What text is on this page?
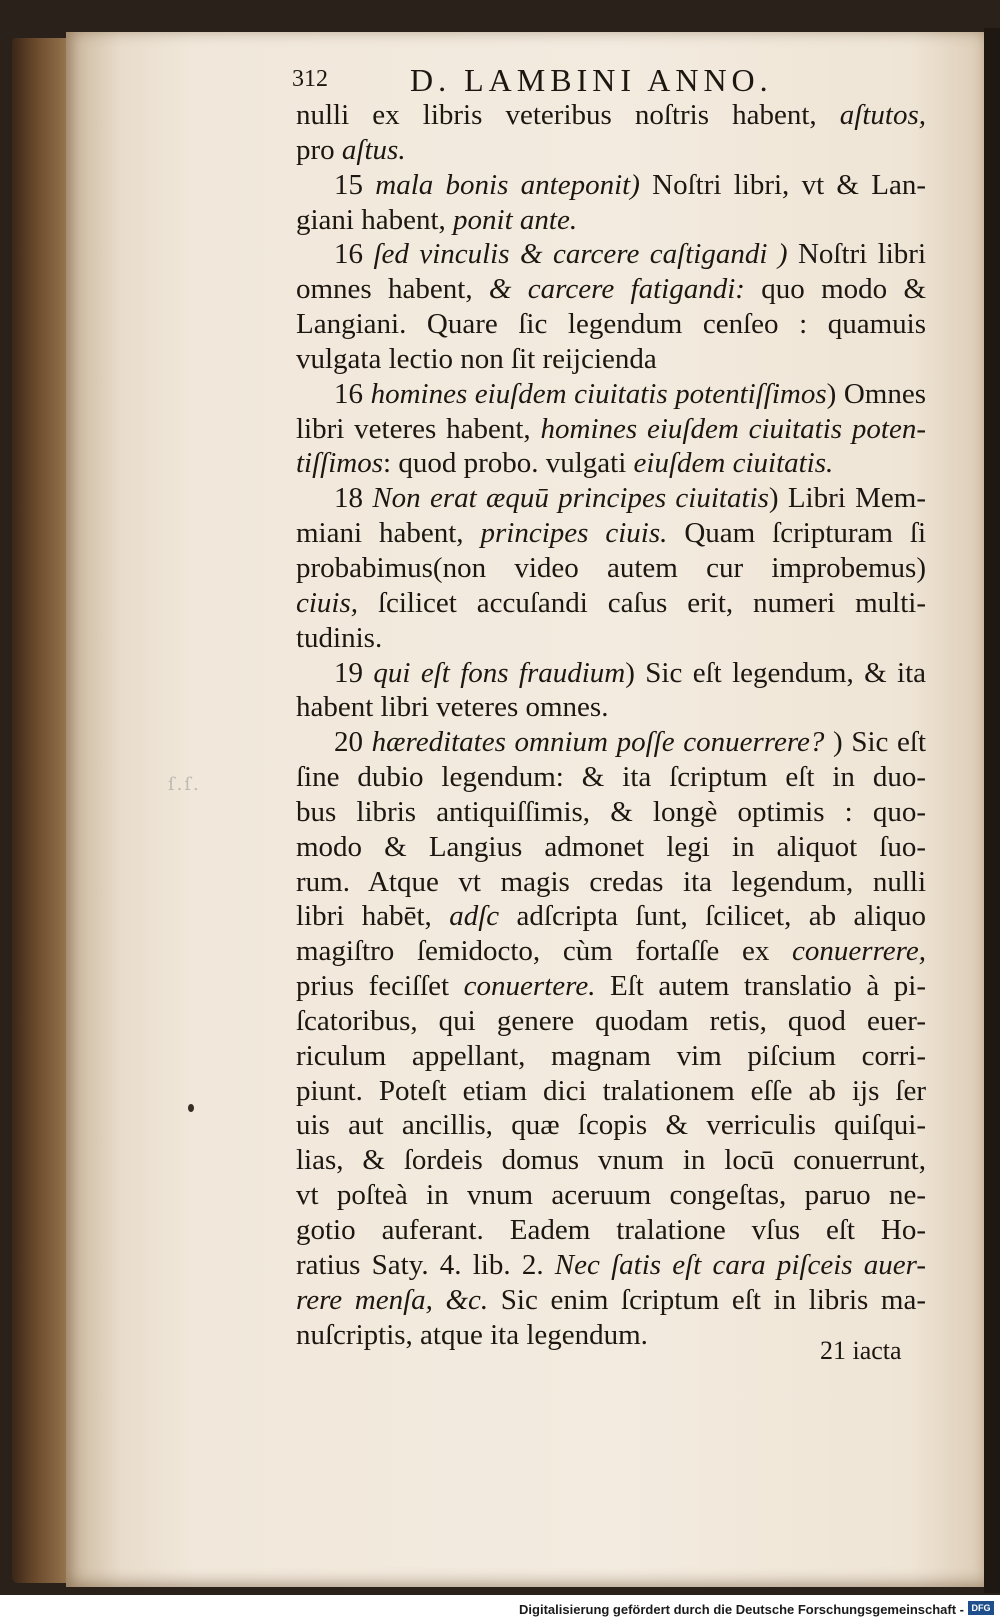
ſ.ſ.
312	D. LAMBINI ANNO.
nulli ex libris veteribus noſtris habent, aſtutos,
pro aſtus.
15 mala bonis anteponit) Noſtri libri, vt & Lan-
giani habent, ponit ante.
16 ſed vinculis & carcere caſtigandi ) Noſtri libri
omnes habent, & carcere fatigandi: quo modo &
Langiani. Quare ſic legendum cenſeo : quamuis
vulgata lectio non ſit reijcienda
16 homines eiuſdem ciuitatis potentiſſimos) Omnes
libri veteres habent, homines eiuſdem ciuitatis poten-
tiſſimos: quod probo. vulgati eiuſdem ciuitatis.
18 Non erat æquū principes ciuitatis) Libri Mem-
miani habent, principes ciuis. Quam ſcripturam ſi
probabimus(non video autem cur improbemus)
ciuis, ſcilicet accuſandi caſus erit, numeri multi-
tudinis.
19 qui eſt fons fraudium) Sic eſt legendum, & ita
habent libri veteres omnes.
20 hæreditates omnium poſſe conuerrere? ) Sic eſt
ſine dubio legendum: & ita ſcriptum eſt in duo-
bus libris antiquiſſimis, & longè optimis : quo-
modo & Langius admonet legi in aliquot ſuo-
rum. Atque vt magis credas ita legendum, nulli
libri habēt, adſc adſcripta ſunt, ſcilicet, ab aliquo
magiſtro ſemidocto, cùm fortaſſe ex conuerrere,
prius feciſſet conuertere. Eſt autem translatio à pi-
ſcatoribus, qui genere quodam retis, quod euer-
riculum appellant, magnam vim piſcium corri-
piunt. Poteſt etiam dici tralationem eſſe ab ijs ſer
uis aut ancillis, quæ ſcopis & verriculis quiſqui-
lias, & ſordeis domus vnum in locū conuerrunt,
vt poſteà in vnum aceruum congeſtas, paruo ne-
gotio auferant. Eadem tralatione vſus eſt Ho-
ratius Saty. 4. lib. 2. Nec ſatis eſt cara piſceis auer-
rere menſa, &c. Sic enim ſcriptum eſt in libris ma-
nuſcriptis, atque ita legendum.	21 iacta
Digitalisierung gefördert durch die Deutsche Forschungsgemeinschaft - DFG
